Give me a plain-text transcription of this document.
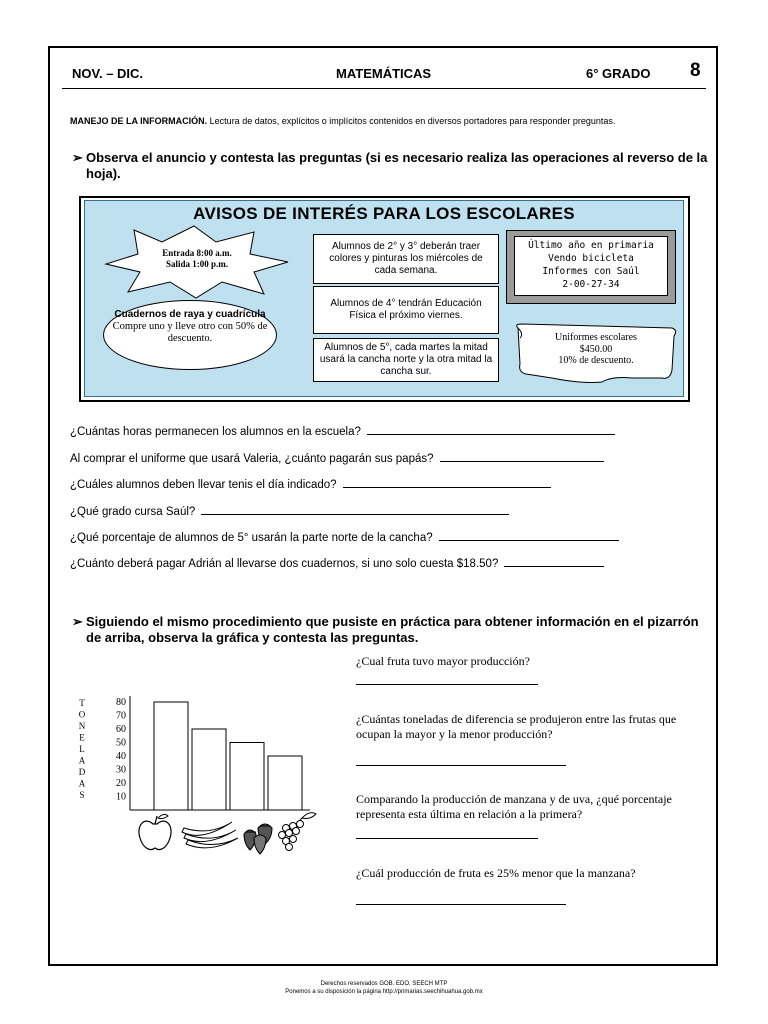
NOV. – DIC.	MATEMÁTICAS	6° GRADO 8
MANEJO DE LA INFORMACIÓN. Lectura de datos, explícitos o implícitos contenidos en diversos portadores para responder preguntas.
➢ Observa el anuncio y contesta las preguntas (si es necesario realiza las operaciones al reverso de la hoja).
AVISOS DE INTERÉS PARA LOS ESCOLARES
Entrada 8:00 a.m.
Salida 1:00 p.m.
Cuadernos de raya y cuadrícula
Compre uno y lleve otro con 50% de descuento.
Alumnos de 2° y 3° deberán traer colores y pinturas los miércoles de cada semana.
Alumnos de 4° tendrán Educación Física el próximo viernes.
Alumnos de 5°, cada martes la mitad usará la cancha norte y la otra mitad la cancha sur.
Último año en primaria
Vendo bicicleta
Informes con Saúl
2-00-27-34
Uniformes escolares
$450.00
10% de descuento.
¿Cuántas horas permanecen los alumnos en la escuela?
Al comprar el uniforme que usará Valeria, ¿cuánto pagarán sus papás?
¿Cuáles alumnos deben llevar tenis el día indicado?
¿Qué grado cursa Saúl?
¿Qué porcentaje de alumnos de 5° usarán la parte norte de la cancha?
¿Cuánto deberá pagar Adrián al llevarse dos cuadernos, si uno solo cuesta $18.50?
➢ Siguiendo el mismo procedimiento que pusiste en práctica para obtener información en el pizarrón de arriba, observa la gráfica y contesta las preguntas.
¿Cual fruta tuvo mayor producción?
¿Cuántas toneladas de diferencia se produjeron entre las frutas que ocupan la mayor y la menor producción?
Comparando la producción de manzana y de uva, ¿qué porcentaje representa esta última en relación a la primera?
¿Cuál producción de fruta es 25% menor que la manzana?
T
O
N
E
L
A
D
A
S	10
20
30
40
50
60
70
80
Derechos reservados GOB. EDO. SEECH MTP
Ponemos a su disposición la página http://primarias.seechihuahua.gob.mx
